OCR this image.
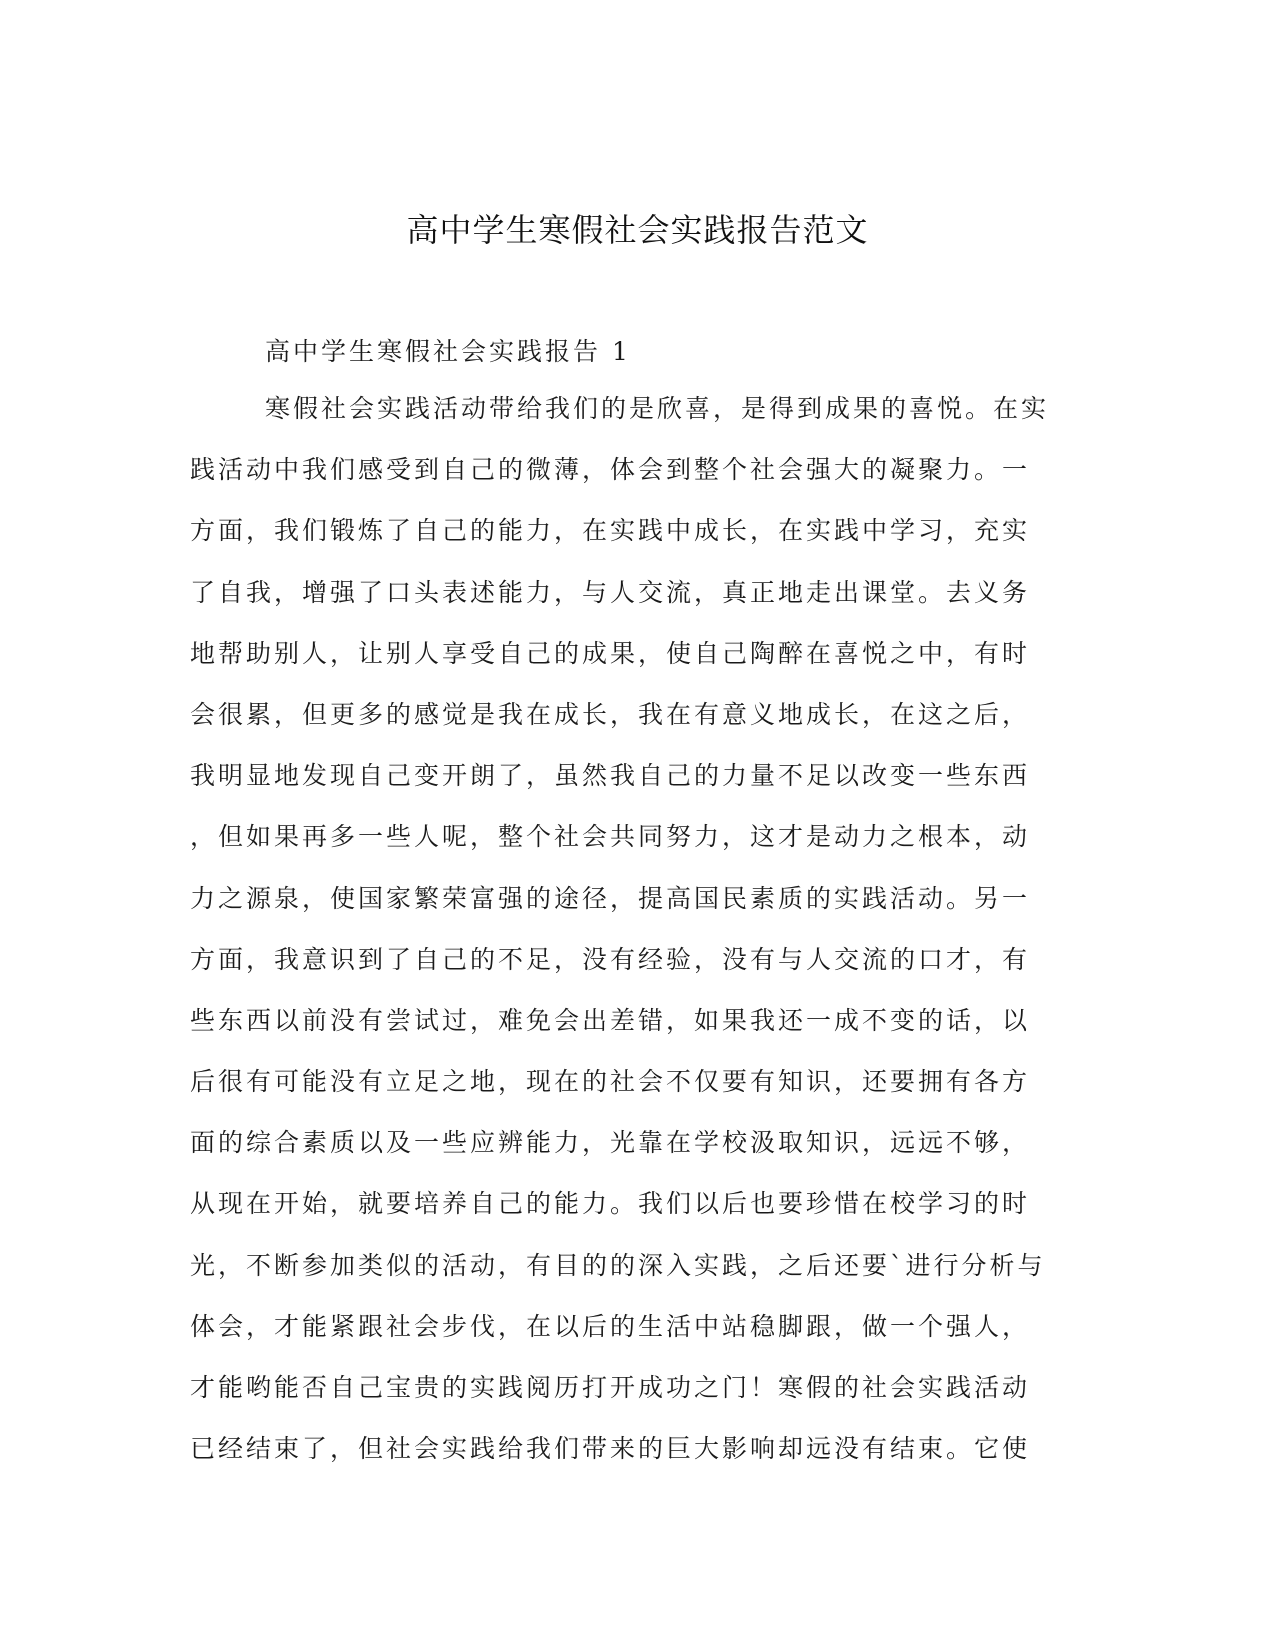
高中学生寒假社会实践报告范文

高中学生寒假社会实践报告 1

寒假社会实践活动带给我们的是欣喜，是得到成果的喜悦。在实
践活动中我们感受到自己的微薄，体会到整个社会强大的凝聚力。一
方面，我们锻炼了自己的能力，在实践中成长，在实践中学习，充实
了自我，增强了口头表述能力，与人交流，真正地走出课堂。去义务
地帮助别人，让别人享受自己的成果，使自己陶醉在喜悦之中，有时
会很累，但更多的感觉是我在成长，我在有意义地成长，在这之后，
我明显地发现自己变开朗了，虽然我自己的力量不足以改变一些东西
，但如果再多一些人呢，整个社会共同努力，这才是动力之根本，动
力之源泉，使国家繁荣富强的途径，提高国民素质的实践活动。另一
方面，我意识到了自己的不足，没有经验，没有与人交流的口才，有
些东西以前没有尝试过，难免会出差错，如果我还一成不变的话，以
后很有可能没有立足之地，现在的社会不仅要有知识，还要拥有各方
面的综合素质以及一些应辨能力，光靠在学校汲取知识，远远不够，
从现在开始，就要培养自己的能力。我们以后也要珍惜在校学习的时
光，不断参加类似的活动，有目的的深入实践，之后还要`进行分析与
体会，才能紧跟社会步伐，在以后的生活中站稳脚跟，做一个强人，
才能哟能否自己宝贵的实践阅历打开成功之门！寒假的社会实践活动
已经结束了，但社会实践给我们带来的巨大影响却远没有结束。它使
